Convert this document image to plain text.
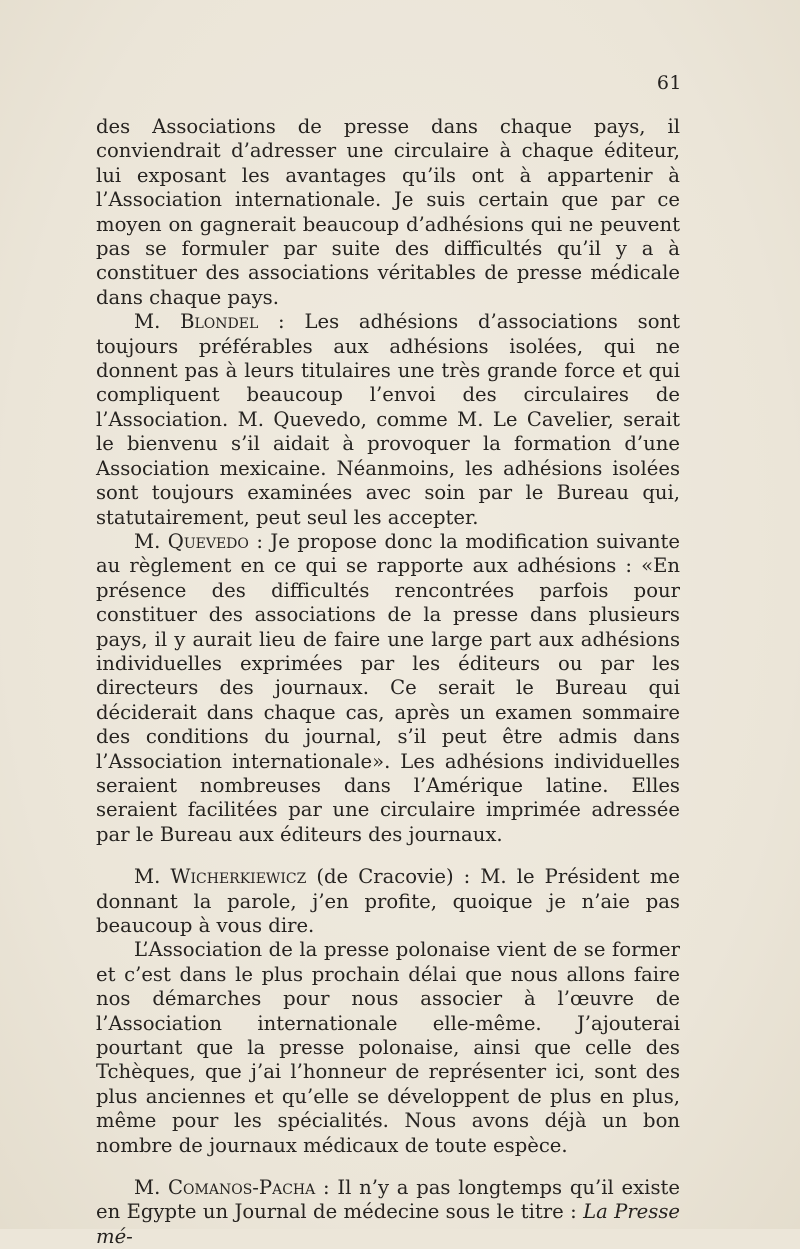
61

des Associations de presse dans chaque pays, il conviendrait d’adresser une circulaire à chaque éditeur, lui exposant les avantages qu’ils ont à appartenir à l’Association internationale. Je suis certain que par ce moyen on gagnerait beaucoup d’adhésions qui ne peuvent pas se formuler par suite des difficultés qu’il y a à constituer des associations véritables de presse médicale dans chaque pays.

M. Blondel : Les adhésions d’associations sont toujours préférables aux adhésions isolées, qui ne donnent pas à leurs titulaires une très grande force et qui compliquent beaucoup l’envoi des circulaires de l’Association. M. Quevedo, comme M. Le Cavelier, serait le bienvenu s’il aidait à provoquer la formation d’une Association mexicaine. Néanmoins, les adhésions isolées sont toujours examinées avec soin par le Bureau qui, statutairement, peut seul les accepter.

M. Quevedo : Je propose donc la modification suivante au règlement en ce qui se rapporte aux adhésions : «En présence des difficultés rencontrées parfois pour constituer des associations de la presse dans plusieurs pays, il y aurait lieu de faire une large part aux adhésions individuelles exprimées par les éditeurs ou par les directeurs des journaux. Ce serait le Bureau qui déciderait dans chaque cas, après un examen sommaire des conditions du journal, s’il peut être admis dans l’Association internationale». Les adhésions individuelles seraient nombreuses dans l’Amérique latine. Elles seraient facilitées par une circulaire imprimée adressée par le Bureau aux éditeurs des journaux.

M. Wicherkiewicz (de Cracovie) : M. le Président me donnant la parole, j’en profite, quoique je n’aie pas beaucoup à vous dire.

L’Association de la presse polonaise vient de se former et c’est dans le plus prochain délai que nous allons faire nos démarches pour nous associer à l’œuvre de l’Association internationale elle-même. J’ajouterai pourtant que la presse polonaise, ainsi que celle des Tchèques, que j’ai l’honneur de représenter ici, sont des plus anciennes et qu’elle se développent de plus en plus, même pour les spécialités. Nous avons déjà un bon nombre de journaux médicaux de toute espèce.

M. Comanos-Pacha : Il n’y a pas longtemps qu’il existe en Egypte un Journal de médecine sous le titre : La Presse mé-
